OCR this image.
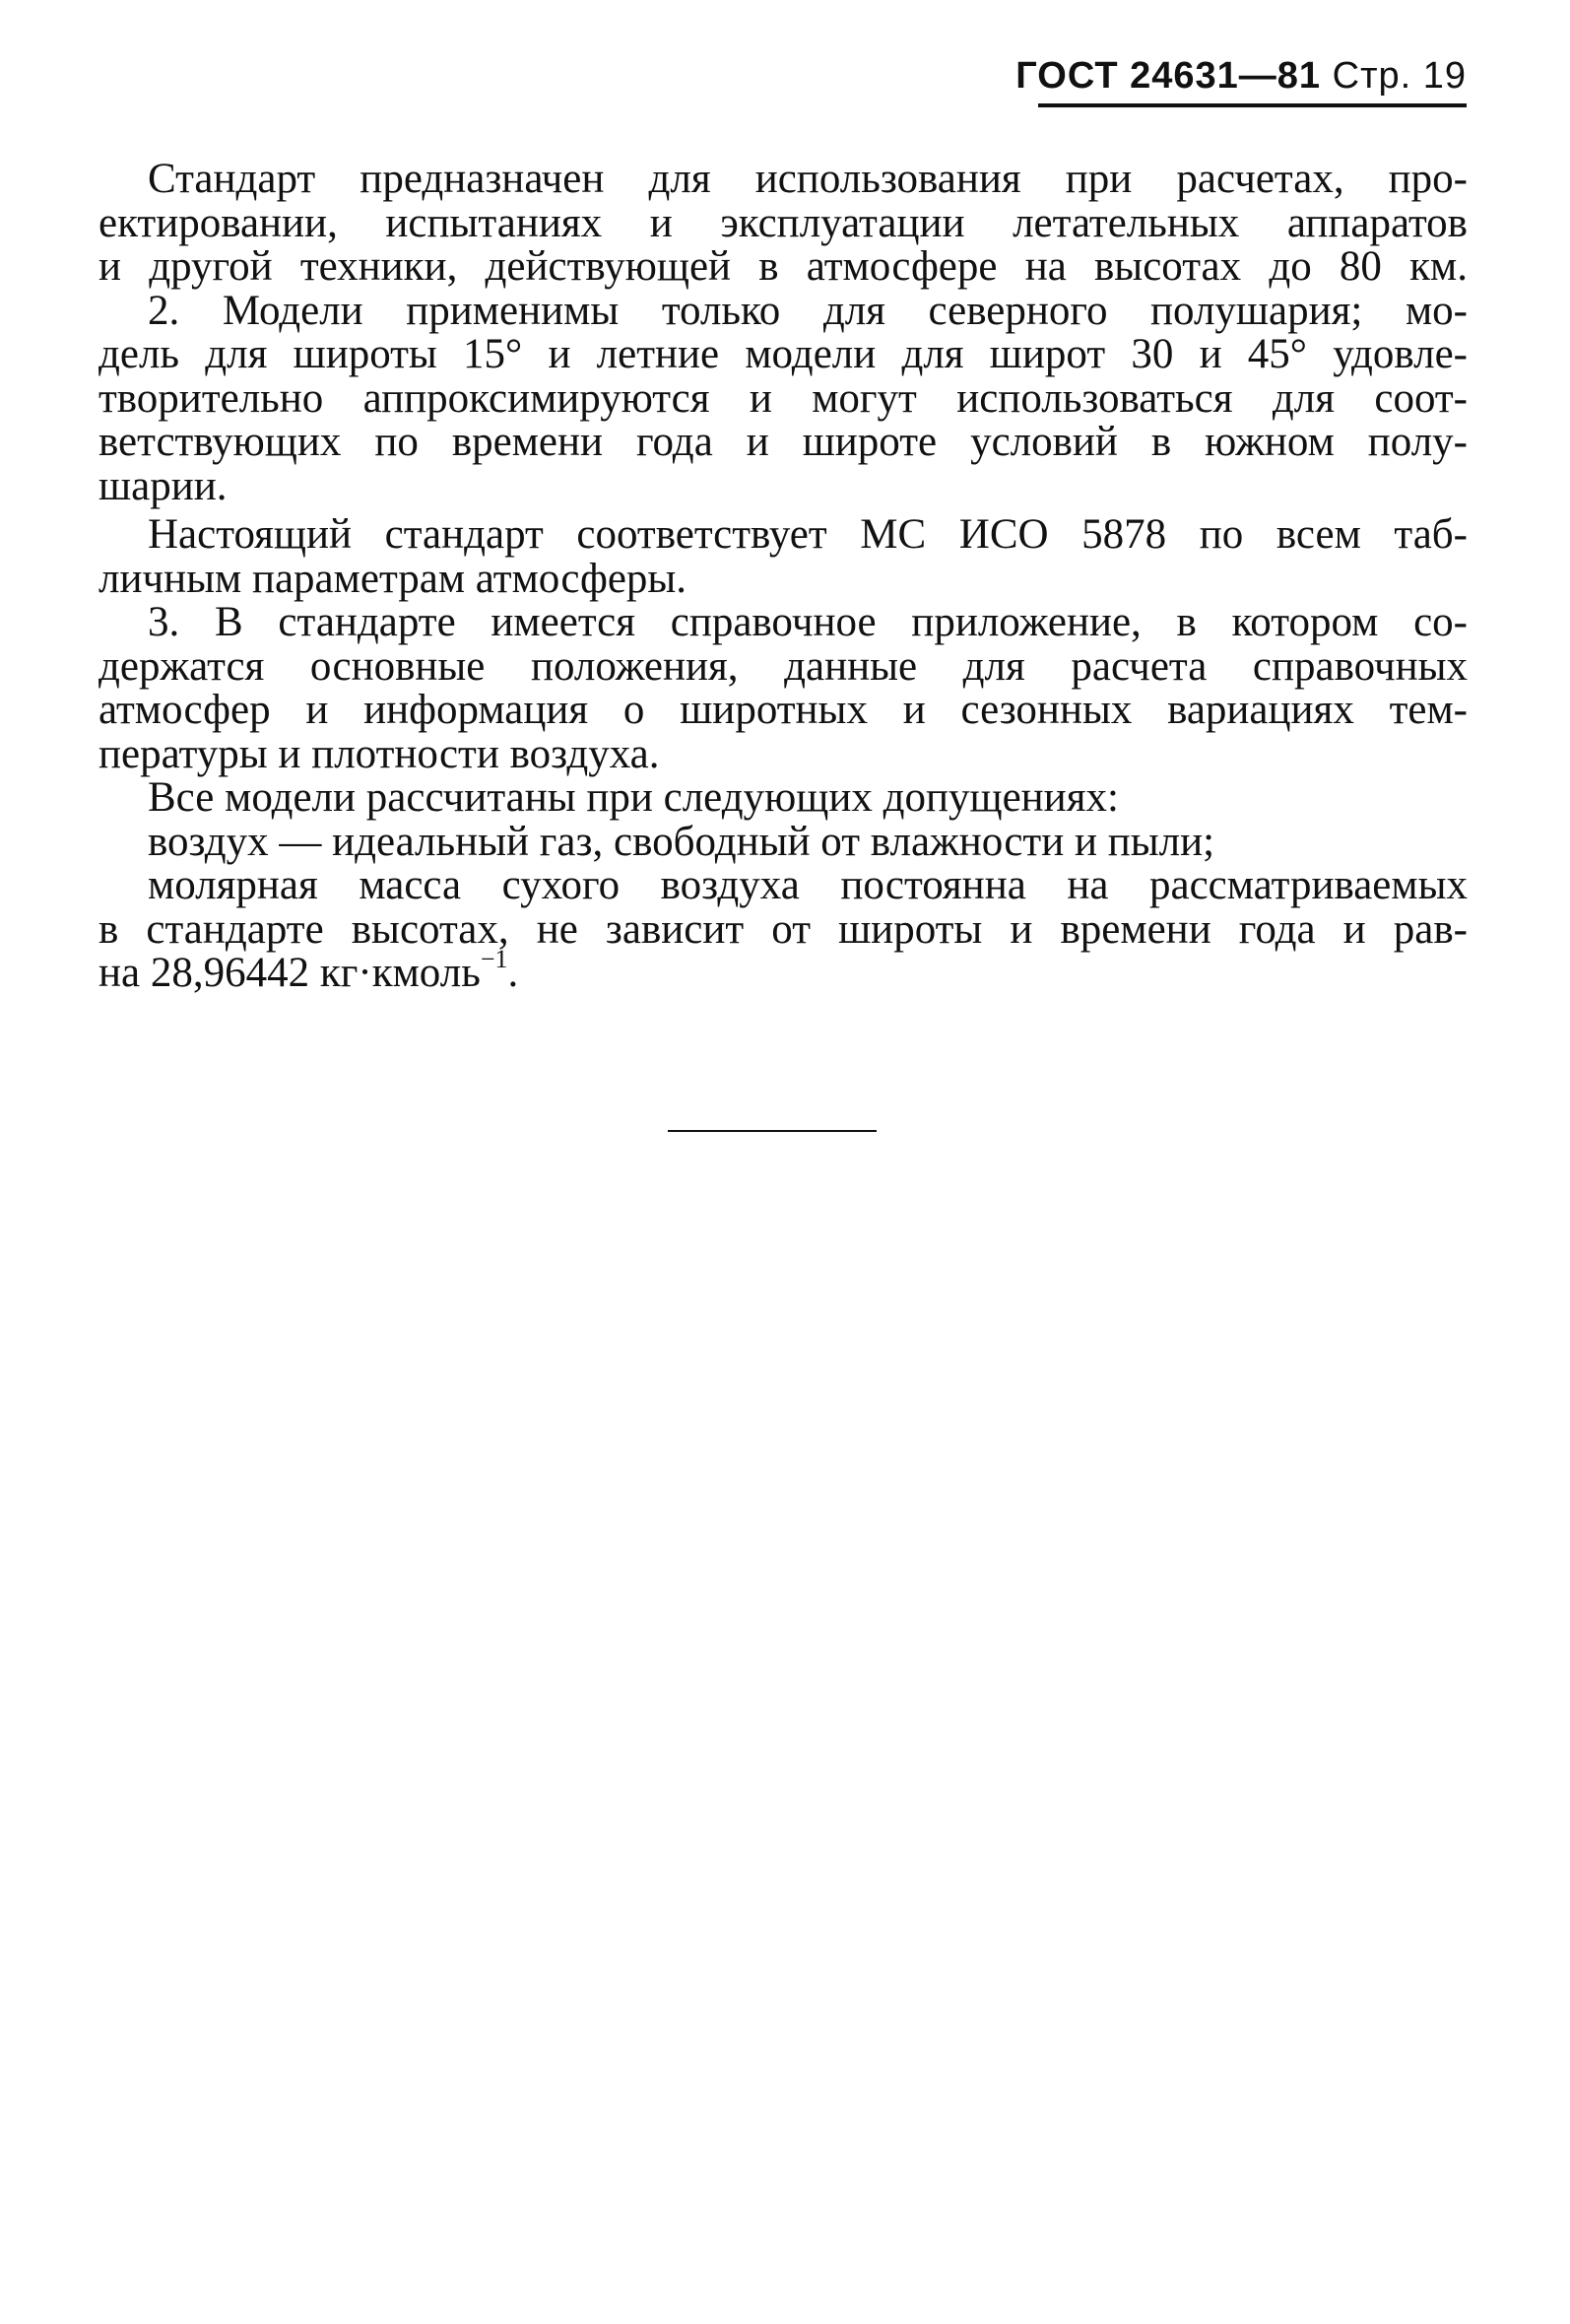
ГОСТ 24631—81 Стр. 19
Стандарт предназначен для использования при расчетах, про-
ектировании, испытаниях и эксплуатации летательных аппаратов
и другой техники, действующей в атмосфере на высотах до 80 км.
2. Модели применимы только для северного полушария; мо-
дель для широты 15° и летние модели для широт 30 и 45° удовле-
творительно аппроксимируются и могут использоваться для соот-
ветствующих по времени года и широте условий в южном полу-
шарии.
Настоящий стандарт соответствует МС ИСО 5878 по всем таб-
личным параметрам атмосферы.
3. В стандарте имеется справочное приложение, в котором со-
держатся основные положения, данные для расчета справочных
атмосфер и информация о широтных и сезонных вариациях тем-
пературы и плотности воздуха.
Все модели рассчитаны при следующих допущениях:
воздух — идеальный газ, свободный от влажности и пыли;
молярная масса сухого воздуха постоянна на рассматриваемых
в стандарте высотах, не зависит от широты и времени года и рав-
на 28,96442 кг·кмоль$^{-1}$.
